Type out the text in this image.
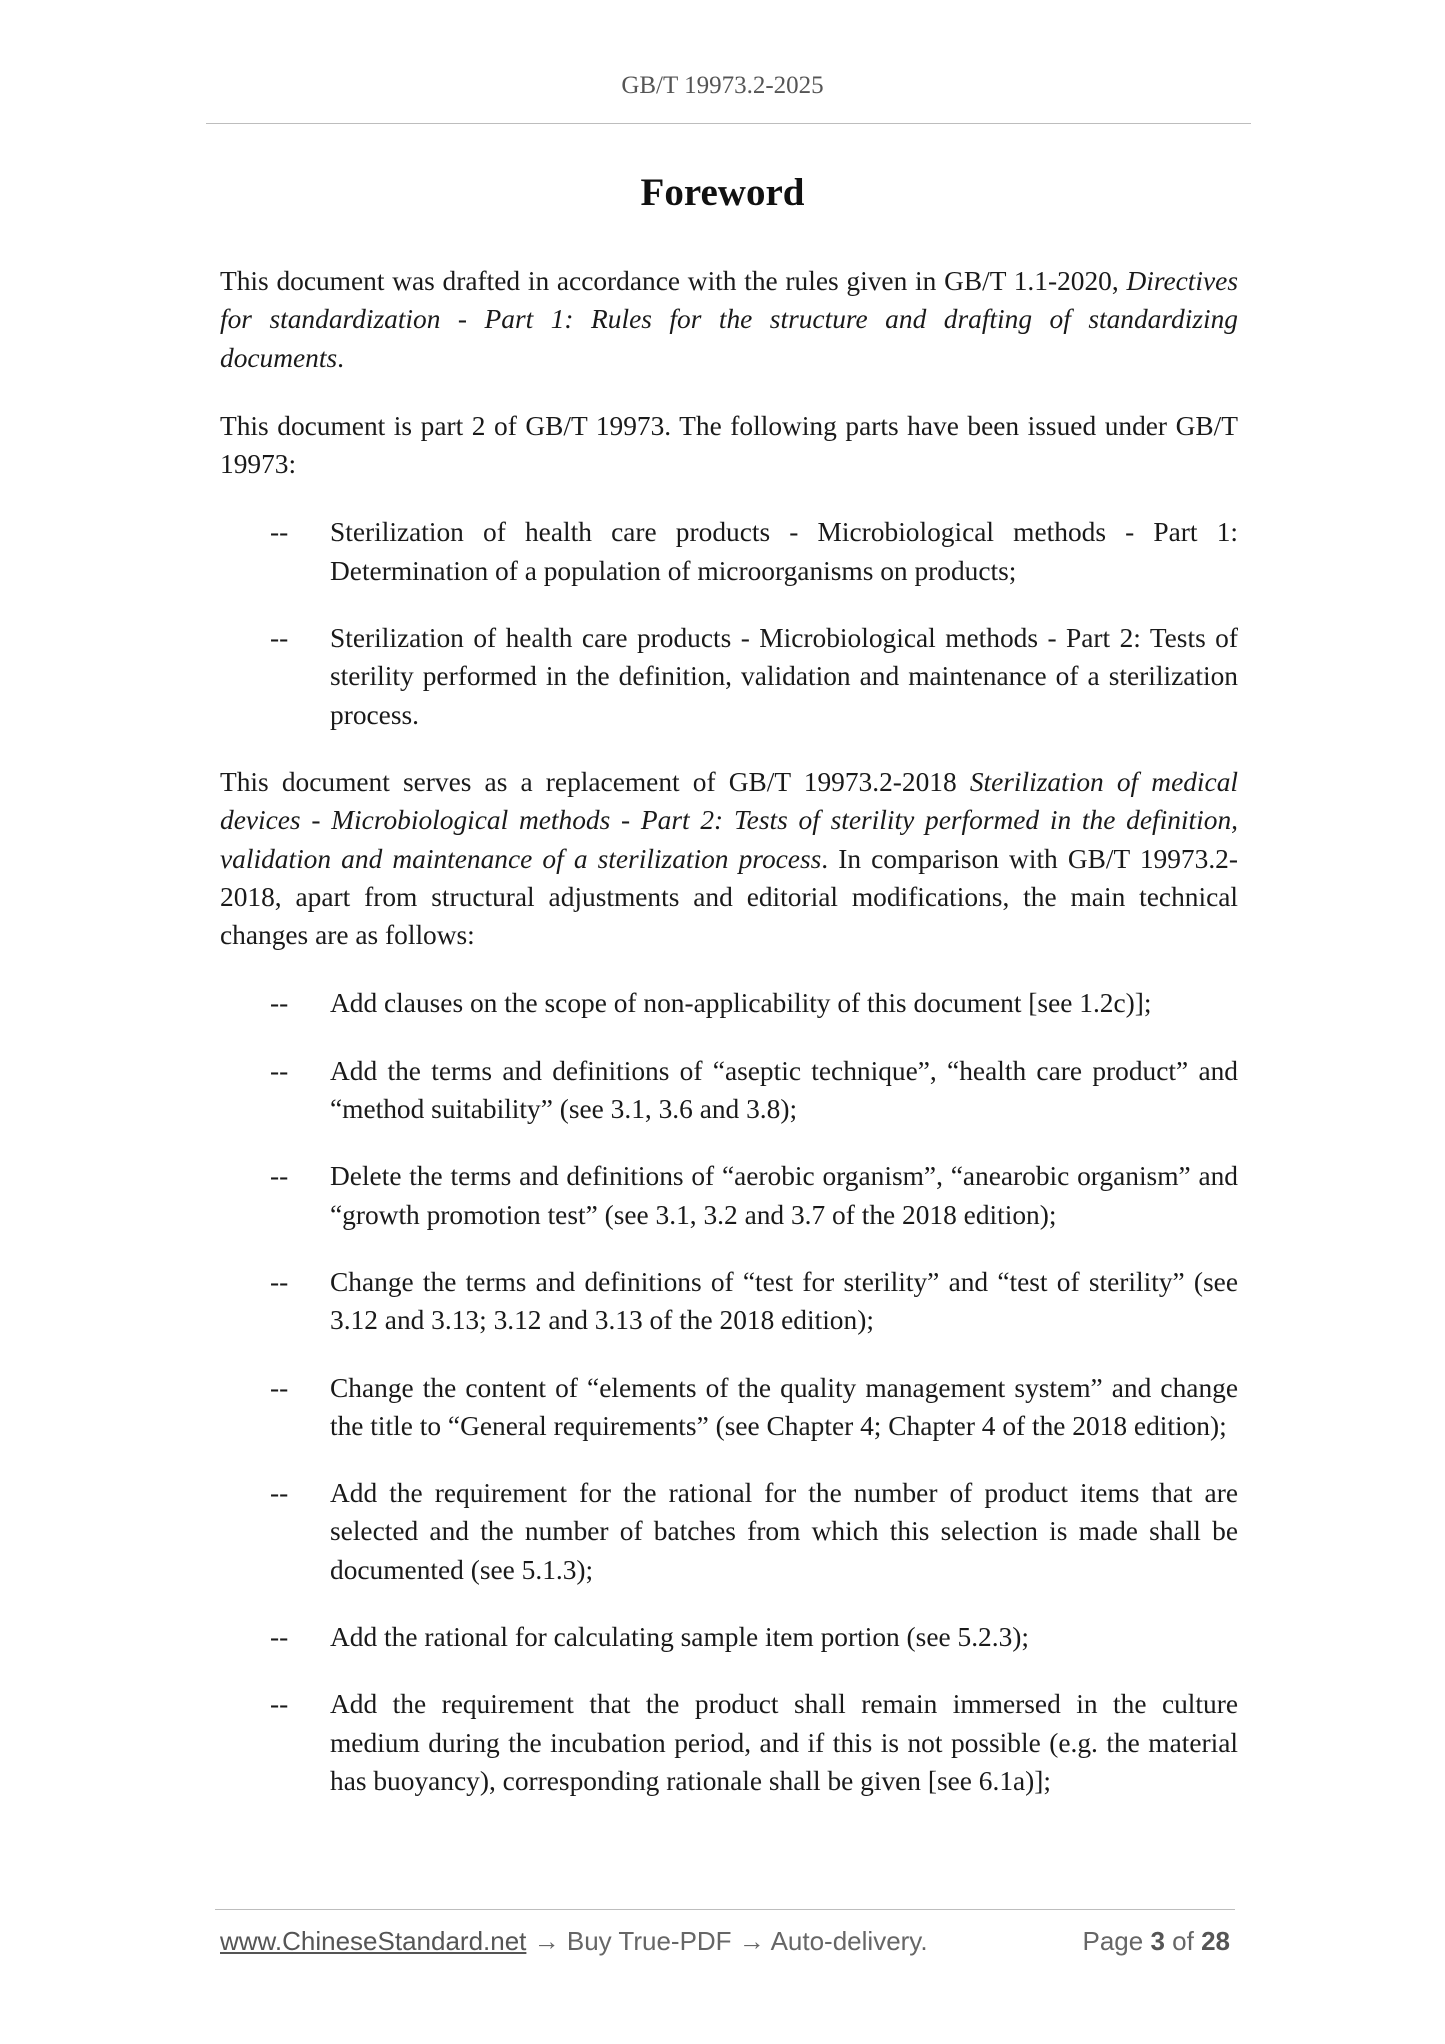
GB/T 19973.2-2025
Foreword

This document was drafted in accordance with the rules given in GB/T 1.1-2020, Directives for standardization - Part 1: Rules for the structure and drafting of standardizing documents.

This document is part 2 of GB/T 19973. The following parts have been issued under GB/T 19973:

-- Sterilization of health care products - Microbiological methods - Part 1: Determination of a population of microorganisms on products;
-- Sterilization of health care products - Microbiological methods - Part 2: Tests of sterility performed in the definition, validation and maintenance of a sterilization process.

This document serves as a replacement of GB/T 19973.2-2018 Sterilization of medical devices - Microbiological methods - Part 2: Tests of sterility performed in the definition, validation and maintenance of a sterilization process. In comparison with GB/T 19973.2-2018, apart from structural adjustments and editorial modifications, the main technical changes are as follows:

-- Add clauses on the scope of non-applicability of this document [see 1.2c)];
-- Add the terms and definitions of “aseptic technique”, “health care product” and “method suitability” (see 3.1, 3.6 and 3.8);
-- Delete the terms and definitions of “aerobic organism”, “anearobic organism” and “growth promotion test” (see 3.1, 3.2 and 3.7 of the 2018 edition);
-- Change the terms and definitions of “test for sterility” and “test of sterility” (see 3.12 and 3.13; 3.12 and 3.13 of the 2018 edition);
-- Change the content of “elements of the quality management system” and change the title to “General requirements” (see Chapter 4; Chapter 4 of the 2018 edition);
-- Add the requirement for the rational for the number of product items that are selected and the number of batches from which this selection is made shall be documented (see 5.1.3);
-- Add the rational for calculating sample item portion (see 5.2.3);
-- Add the requirement that the product shall remain immersed in the culture medium during the incubation period, and if this is not possible (e.g. the material has buoyancy), corresponding rationale shall be given [see 6.1a)];
www.ChineseStandard.net → Buy True-PDF → Auto-delivery.	Page 3 of 28
